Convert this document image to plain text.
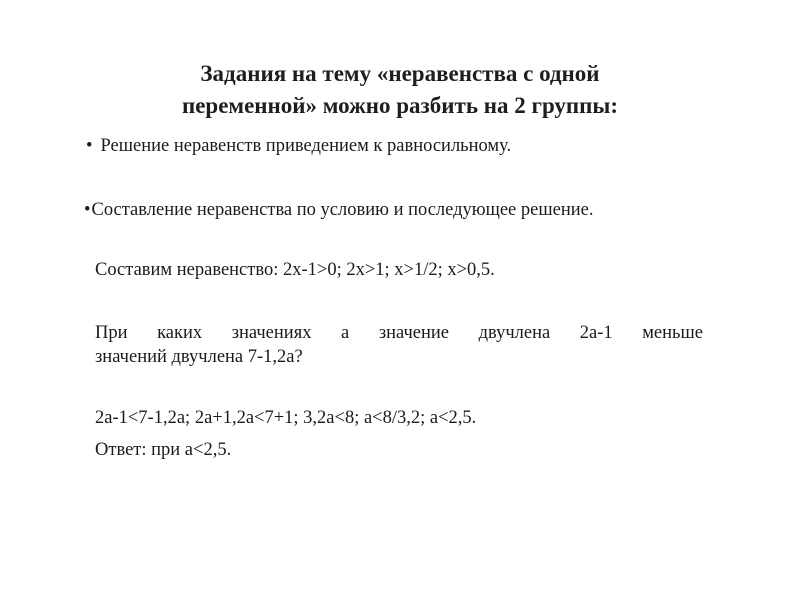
Задания на тему «неравенства с одной
переменной» можно разбить на 2 группы:
• Решение неравенств приведением к равносильному.
•Составление неравенства по условию и последующее решение.
Составим неравенство: 2х-1>0; 2х>1; х>1/2; х>0,5.
При каких значениях а значение двучлена 2а-1 меньше
значений двучлена 7-1,2а?
2а-1<7-1,2а; 2а+1,2а<7+1; 3,2а<8; а<8/3,2; а<2,5.
Ответ: при а<2,5.
